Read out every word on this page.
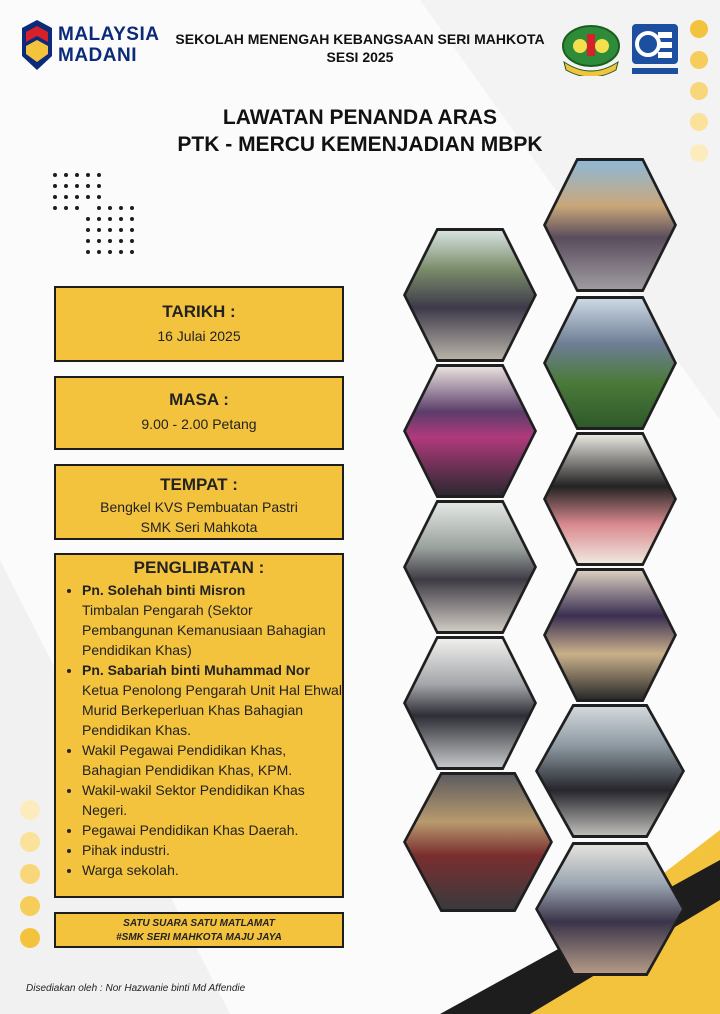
MALAYSIA
MADANI
SEKOLAH MENENGAH KEBANGSAAN SERI MAHKOTA
SESI 2025
LAWATAN PENANDA ARAS
PTK - MERCU KEMENJADIAN MBPK
TARIKH :

16 Julai 2025

MASA :

9.00 - 2.00 Petang

TEMPAT :

Bengkel KVS Pembuatan Pastri

SMK Seri Mahkota

PENGLIBATAN :
• Pn. Solehah binti Misron
Timbalan Pengarah (Sektor Pembangunan Kemanusiaan Bahagian Pendidikan Khas)
• Pn. Sabariah binti Muhammad Nor
Ketua Penolong Pengarah Unit Hal Ehwal Murid Berkeperluan Khas Bahagian Pendidikan Khas.
• Wakil Pegawai Pendidikan Khas, Bahagian Pendidikan Khas, KPM.
• Wakil-wakil Sektor Pendidikan Khas Negeri.
• Pegawai Pendidikan Khas Daerah.
• Pihak industri.
• Warga sekolah.
SATU SUARA SATU MATLAMAT
#SMK SERI MAHKOTA MAJU JAYA
Disediakan oleh : Nor Hazwanie binti Md Affendie
